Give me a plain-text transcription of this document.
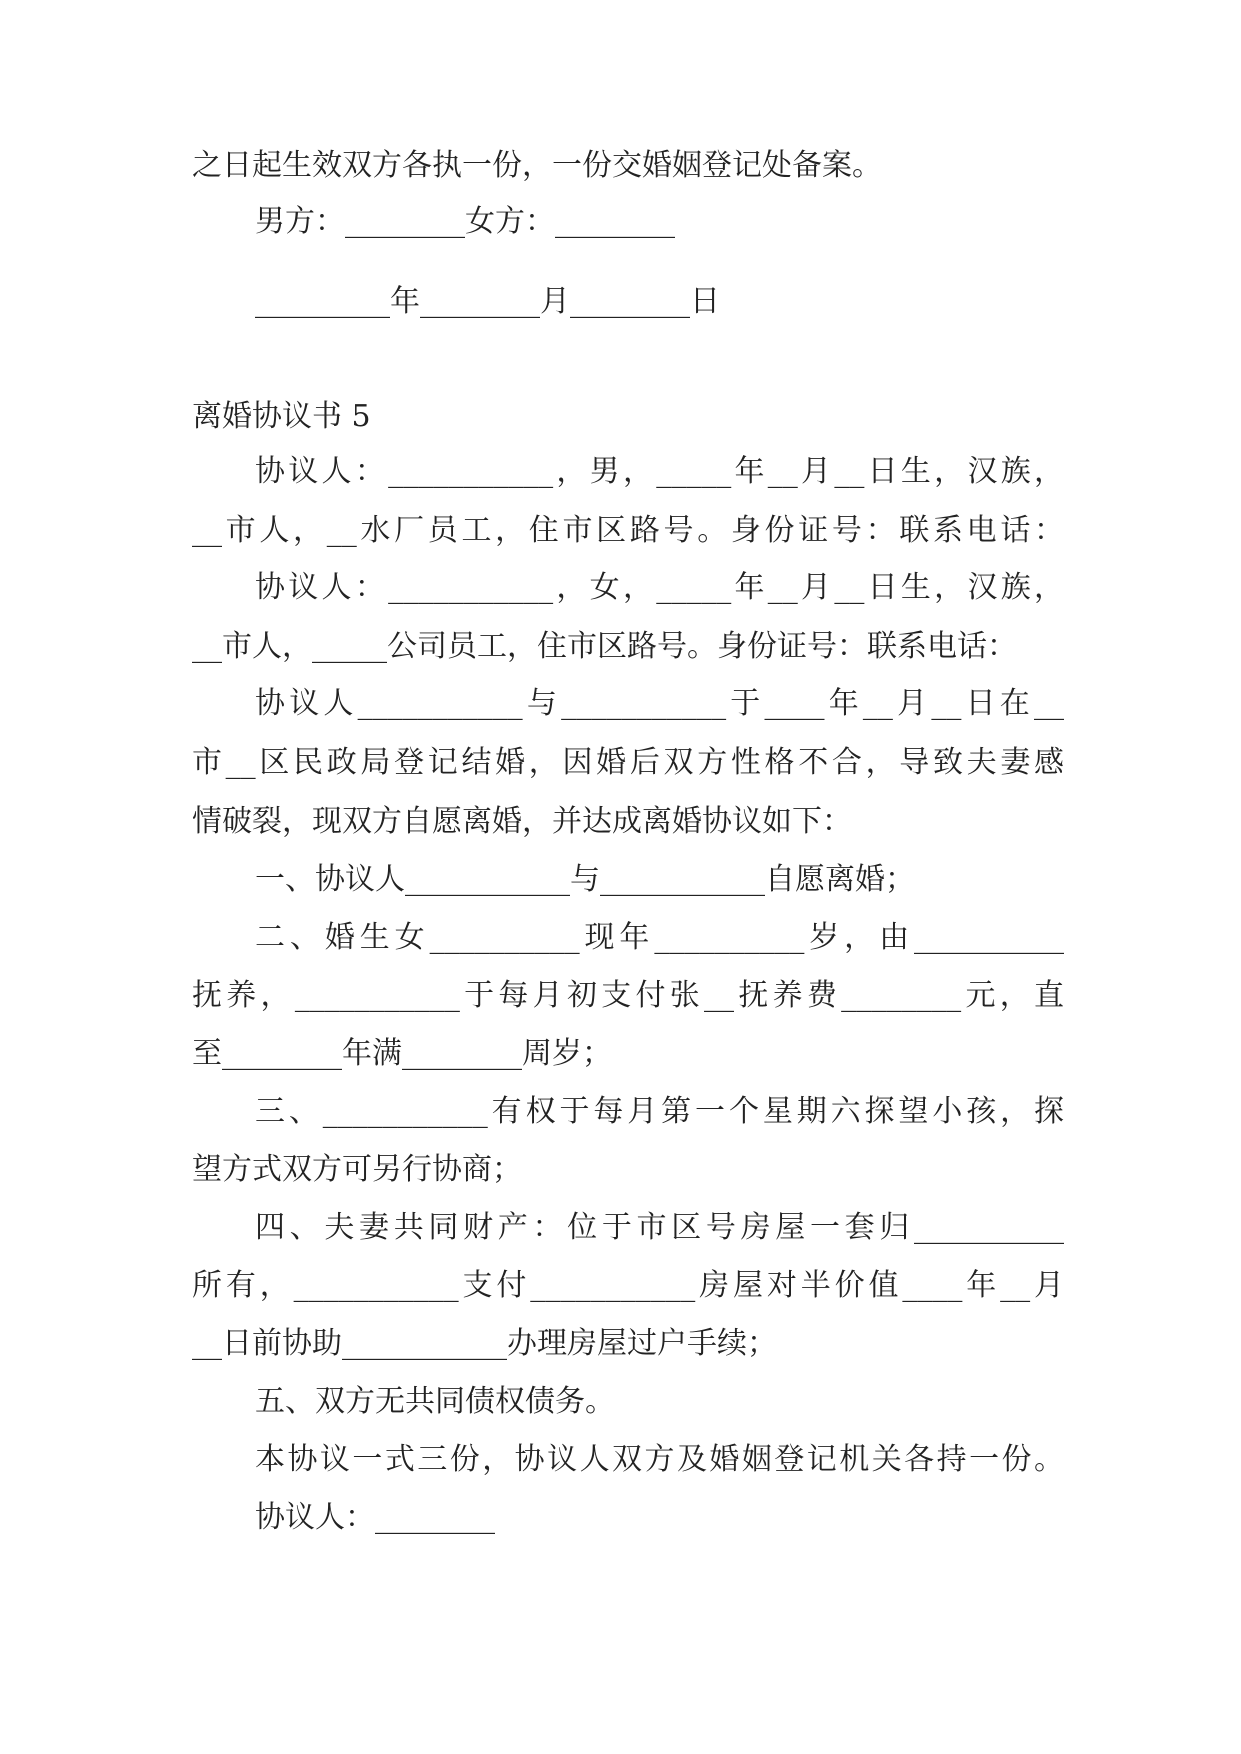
之日起生效双方各执一份，一份交婚姻登记处备案。
男方：________女方：________
_________年________月________日
离婚协议书 5
协议人：___________，男，_____年__月__日生，汉族，
__市人，__水厂员工，住市区路号。身份证号：联系电话：
协议人：___________，女，_____年__月__日生，汉族，
__市人，_____公司员工，住市区路号。身份证号：联系电话：
协议人___________与___________于____年__月__日在__
市__区民政局登记结婚，因婚后双方性格不合，导致夫妻感
情破裂，现双方自愿离婚，并达成离婚协议如下：
一、协议人___________与___________自愿离婚；
二、婚生女__________现年__________岁，由__________
抚养，___________于每月初支付张__抚养费________元，直
至________年满________周岁；
三、___________有权于每月第一个星期六探望小孩，探
望方式双方可另行协商；
四、夫妻共同财产：位于市区号房屋一套归__________
所有，___________支付___________房屋对半价值____年__月
__日前协助___________办理房屋过户手续；
五、双方无共同债权债务。
本协议一式三份，协议人双方及婚姻登记机关各持一份。
协议人：________
